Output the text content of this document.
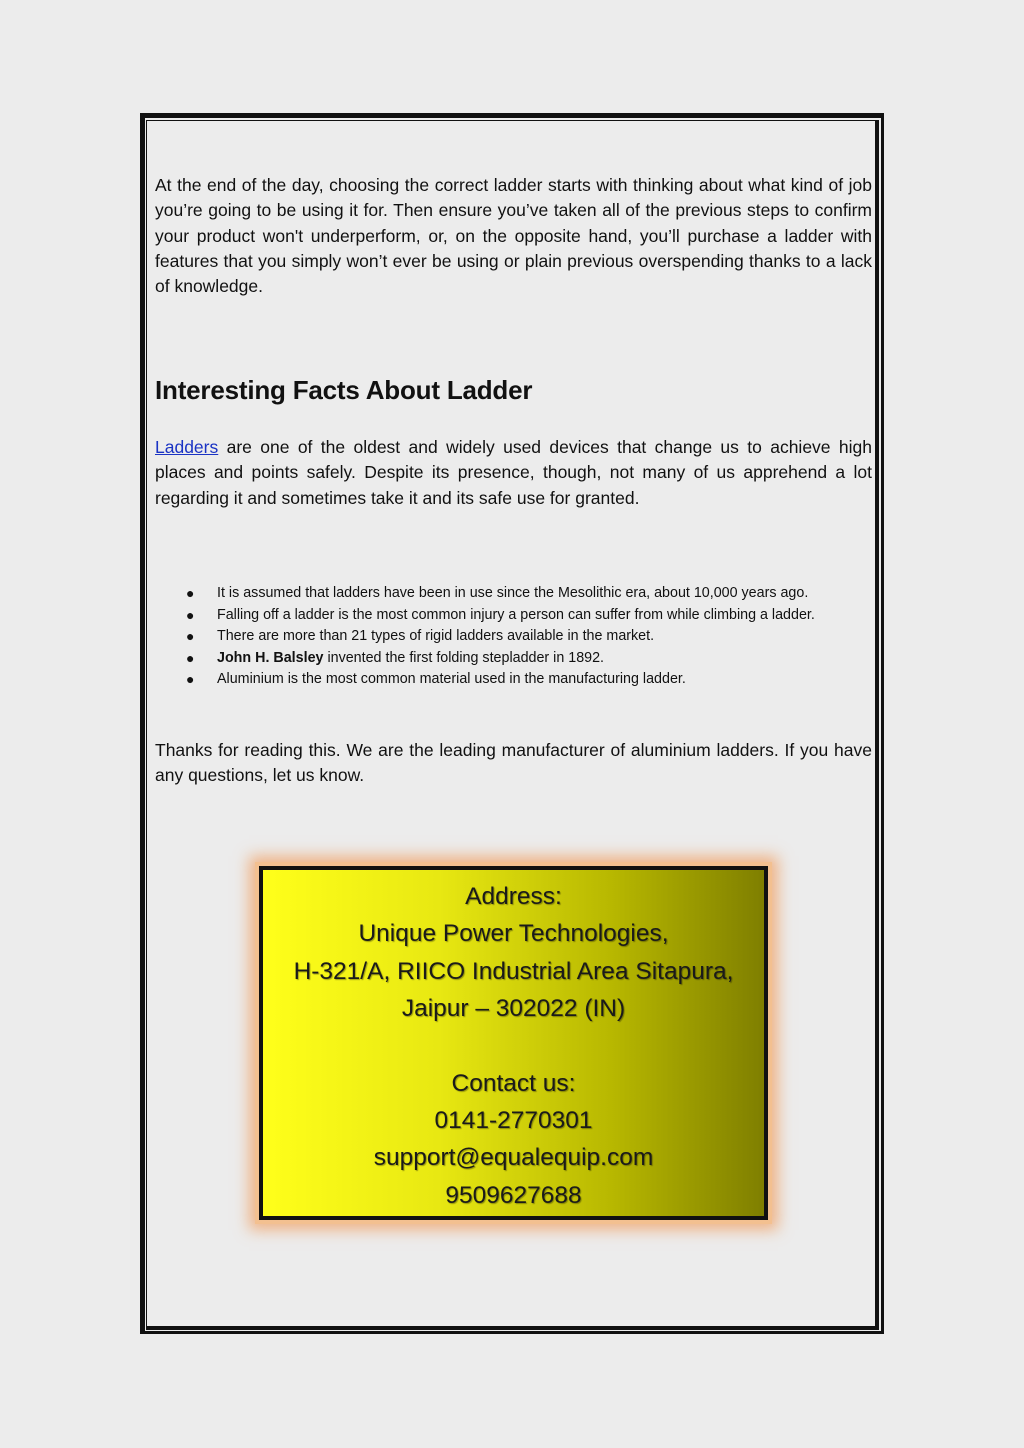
At the end of the day, choosing the correct ladder starts with thinking about what kind of job you’re going to be using it for. Then ensure you’ve taken all of the previous steps to confirm your product won't underperform, or, on the opposite hand, you’ll purchase a ladder with features that you simply won’t ever be using or plain previous overspending thanks to a lack of knowledge.

Interesting Facts About Ladder

Ladders are one of the oldest and widely used devices that change us to achieve high places and points safely. Despite its presence, though, not many of us apprehend a lot regarding it and sometimes take it and its safe use for granted.

● It is assumed that ladders have been in use since the Mesolithic era, about 10,000 years ago.
● Falling off a ladder is the most common injury a person can suffer from while climbing a ladder.
● There are more than 21 types of rigid ladders available in the market.
● John H. Balsley invented the first folding stepladder in 1892.
● Aluminium is the most common material used in the manufacturing ladder.

Thanks for reading this. We are the leading manufacturer of aluminium ladders. If you have any questions, let us know.

Address:
Unique Power Technologies,
H-321/A, RIICO Industrial Area Sitapura,
Jaipur – 302022 (IN)
Contact us:
0141-2770301
support@equalequip.com
9509627688
